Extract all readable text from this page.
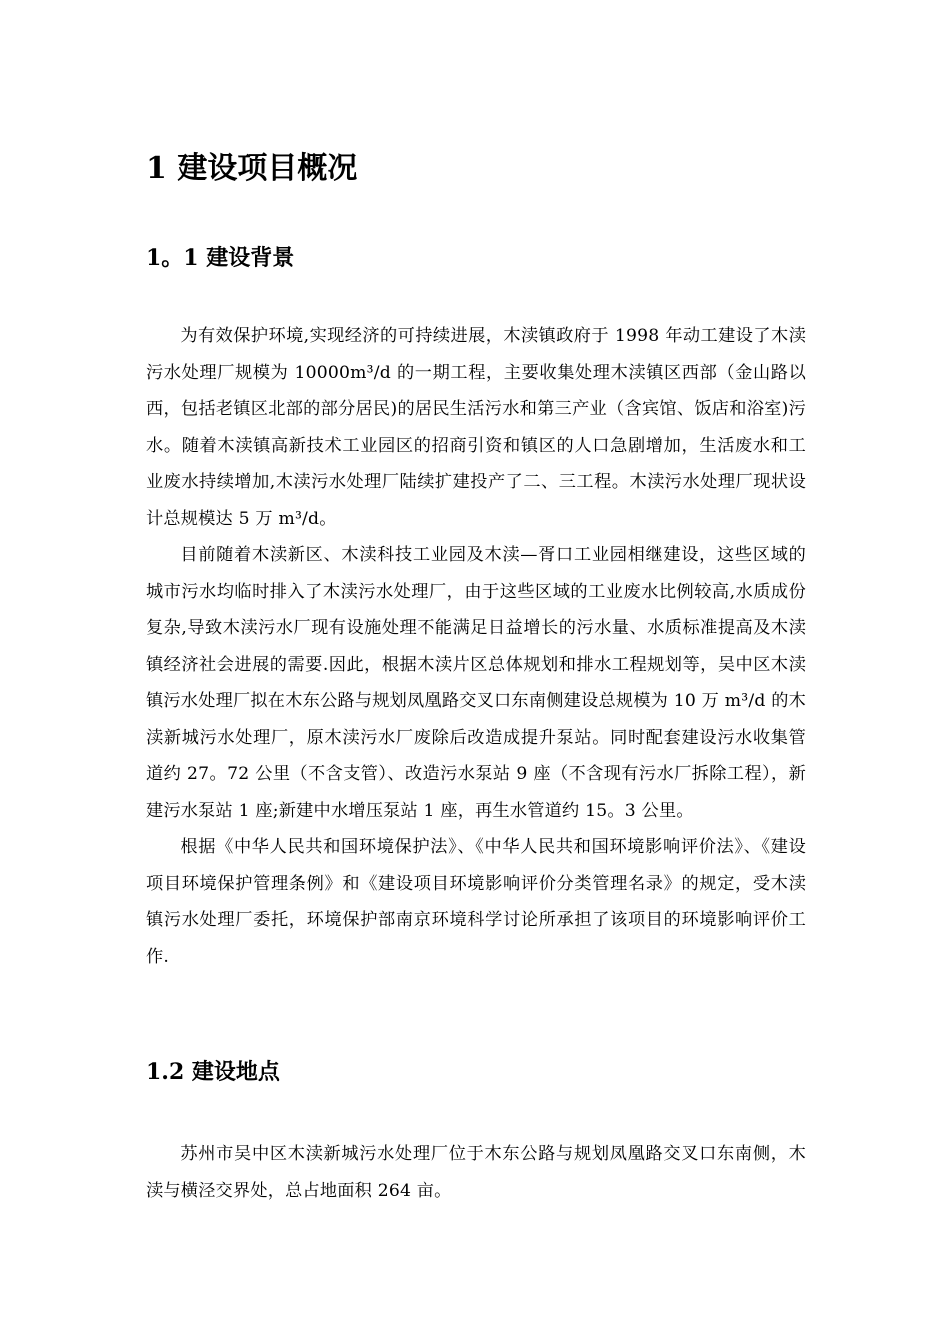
1 建设项目概况
1。1 建设背景

为有效保护环境,实现经济的可持续进展，木渎镇政府于 1998 年动工建设了木渎污水处理厂规模为 10000m³/d 的一期工程，主要收集处理木渎镇区西部（金山路以西，包括老镇区北部的部分居民)的居民生活污水和第三产业（含宾馆、饭店和浴室)污水。随着木渎镇高新技术工业园区的招商引资和镇区的人口急剧增加，生活废水和工业废水持续增加,木渎污水处理厂陆续扩建投产了二、三工程。木渎污水处理厂现状设计总规模达 5 万 m³/d。

目前随着木渎新区、木渎科技工业园及木渎—胥口工业园相继建设，这些区域的城市污水均临时排入了木渎污水处理厂，由于这些区域的工业废水比例较高,水质成份复杂,导致木渎污水厂现有设施处理不能满足日益增长的污水量、水质标准提高及木渎镇经济社会进展的需要.因此，根据木渎片区总体规划和排水工程规划等，吴中区木渎镇污水处理厂拟在木东公路与规划凤凰路交叉口东南侧建设总规模为 10 万 m³/d 的木渎新城污水处理厂，原木渎污水厂废除后改造成提升泵站。同时配套建设污水收集管道约 27。72 公里（不含支管）、改造污水泵站 9 座（不含现有污水厂拆除工程），新建污水泵站 1 座;新建中水增压泵站 1 座，再生水管道约 15。3 公里。

根据《中华人民共和国环境保护法》、《中华人民共和国环境影响评价法》、《建设项目环境保护管理条例》和《建设项目环境影响评价分类管理名录》的规定，受木渎镇污水处理厂委托，环境保护部南京环境科学讨论所承担了该项目的环境影响评价工作.

1.2 建设地点

苏州市吴中区木渎新城污水处理厂位于木东公路与规划凤凰路交叉口东南侧，木渎与横泾交界处，总占地面积 264 亩。
